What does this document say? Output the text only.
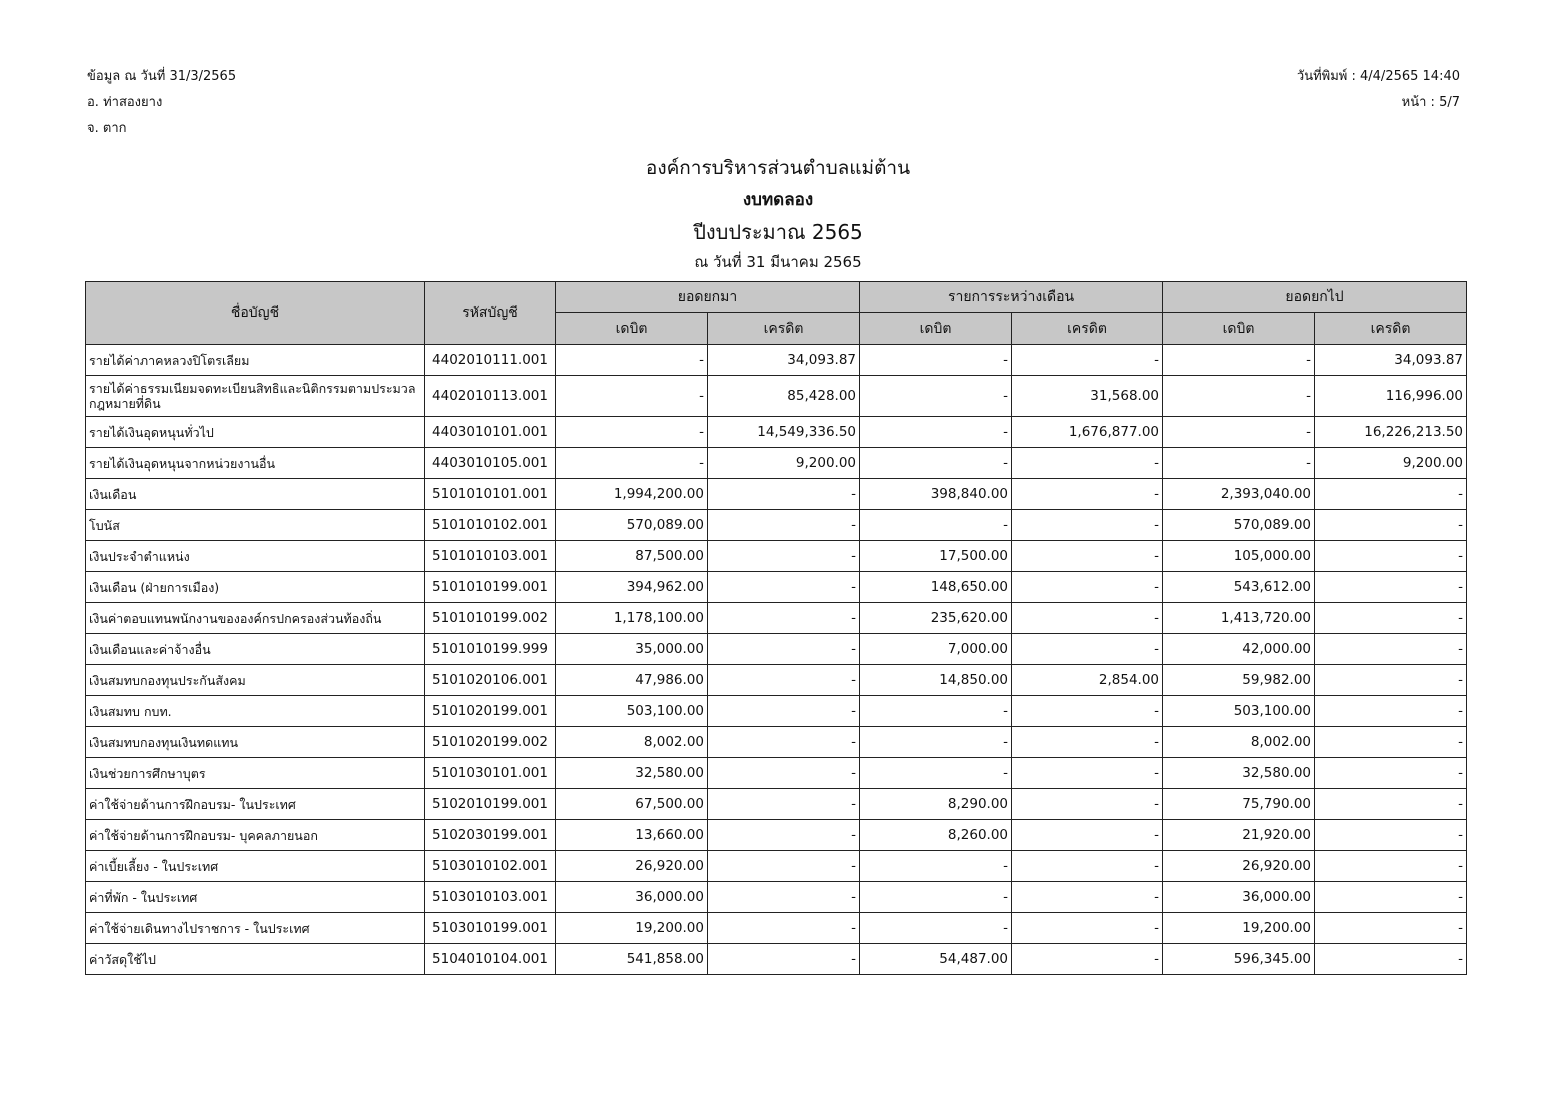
ข้อมูล ณ วันที่ 31/3/2565
อ. ท่าสองยาง
จ. ตาก
วันที่พิมพ์ : 4/4/2565 14:40
หน้า : 5/7
องค์การบริหารส่วนตำบลแม่ต้าน
งบทดลอง
ปีงบประมาณ 2565
ณ วันที่ 31 มีนาคม 2565
ชื่อบัญชี	รหัสบัญชี	ยอดยกมา		รายการระหว่างเดือน		ยอดยกไป	
		เดบิต	เครดิต	เดบิต	เครดิต	เดบิต	เครดิต
รายได้ค่าภาคหลวงปิโตรเลียม	4402010111.001	-	34,093.87	-	-	-	34,093.87
รายได้ค่าธรรมเนียมจดทะเบียนสิทธิและนิติกรรมตามประมวลกฎหมายที่ดิน	4402010113.001	-	85,428.00	-	31,568.00	-	116,996.00
รายได้เงินอุดหนุนทั่วไป	4403010101.001	-	14,549,336.50	-	1,676,877.00	-	16,226,213.50
รายได้เงินอุดหนุนจากหน่วยงานอื่น	4403010105.001	-	9,200.00	-	-	-	9,200.00
เงินเดือน	5101010101.001	1,994,200.00	-	398,840.00	-	2,393,040.00	-
โบนัส	5101010102.001	570,089.00	-	-	-	570,089.00	-
เงินประจำตำแหน่ง	5101010103.001	87,500.00	-	17,500.00	-	105,000.00	-
เงินเดือน (ฝ่ายการเมือง)	5101010199.001	394,962.00	-	148,650.00	-	543,612.00	-
เงินค่าตอบแทนพนักงานขององค์กรปกครองส่วนท้องถิ่น	5101010199.002	1,178,100.00	-	235,620.00	-	1,413,720.00	-
เงินเดือนและค่าจ้างอื่น	5101010199.999	35,000.00	-	7,000.00	-	42,000.00	-
เงินสมทบกองทุนประกันสังคม	5101020106.001	47,986.00	-	14,850.00	2,854.00	59,982.00	-
เงินสมทบ กบท.	5101020199.001	503,100.00	-	-	-	503,100.00	-
เงินสมทบกองทุนเงินทดแทน	5101020199.002	8,002.00	-	-	-	8,002.00	-
เงินช่วยการศึกษาบุตร	5101030101.001	32,580.00	-	-	-	32,580.00	-
ค่าใช้จ่ายด้านการฝึกอบรม- ในประเทศ	5102010199.001	67,500.00	-	8,290.00	-	75,790.00	-
ค่าใช้จ่ายด้านการฝึกอบรม- บุคคลภายนอก	5102030199.001	13,660.00	-	8,260.00	-	21,920.00	-
ค่าเบี้ยเลี้ยง - ในประเทศ	5103010102.001	26,920.00	-	-	-	26,920.00	-
ค่าที่พัก - ในประเทศ	5103010103.001	36,000.00	-	-	-	36,000.00	-
ค่าใช้จ่ายเดินทางไปราชการ - ในประเทศ	5103010199.001	19,200.00	-	-	-	19,200.00	-
ค่าวัสดุใช้ไป	5104010104.001	541,858.00	-	54,487.00	-	596,345.00	-
